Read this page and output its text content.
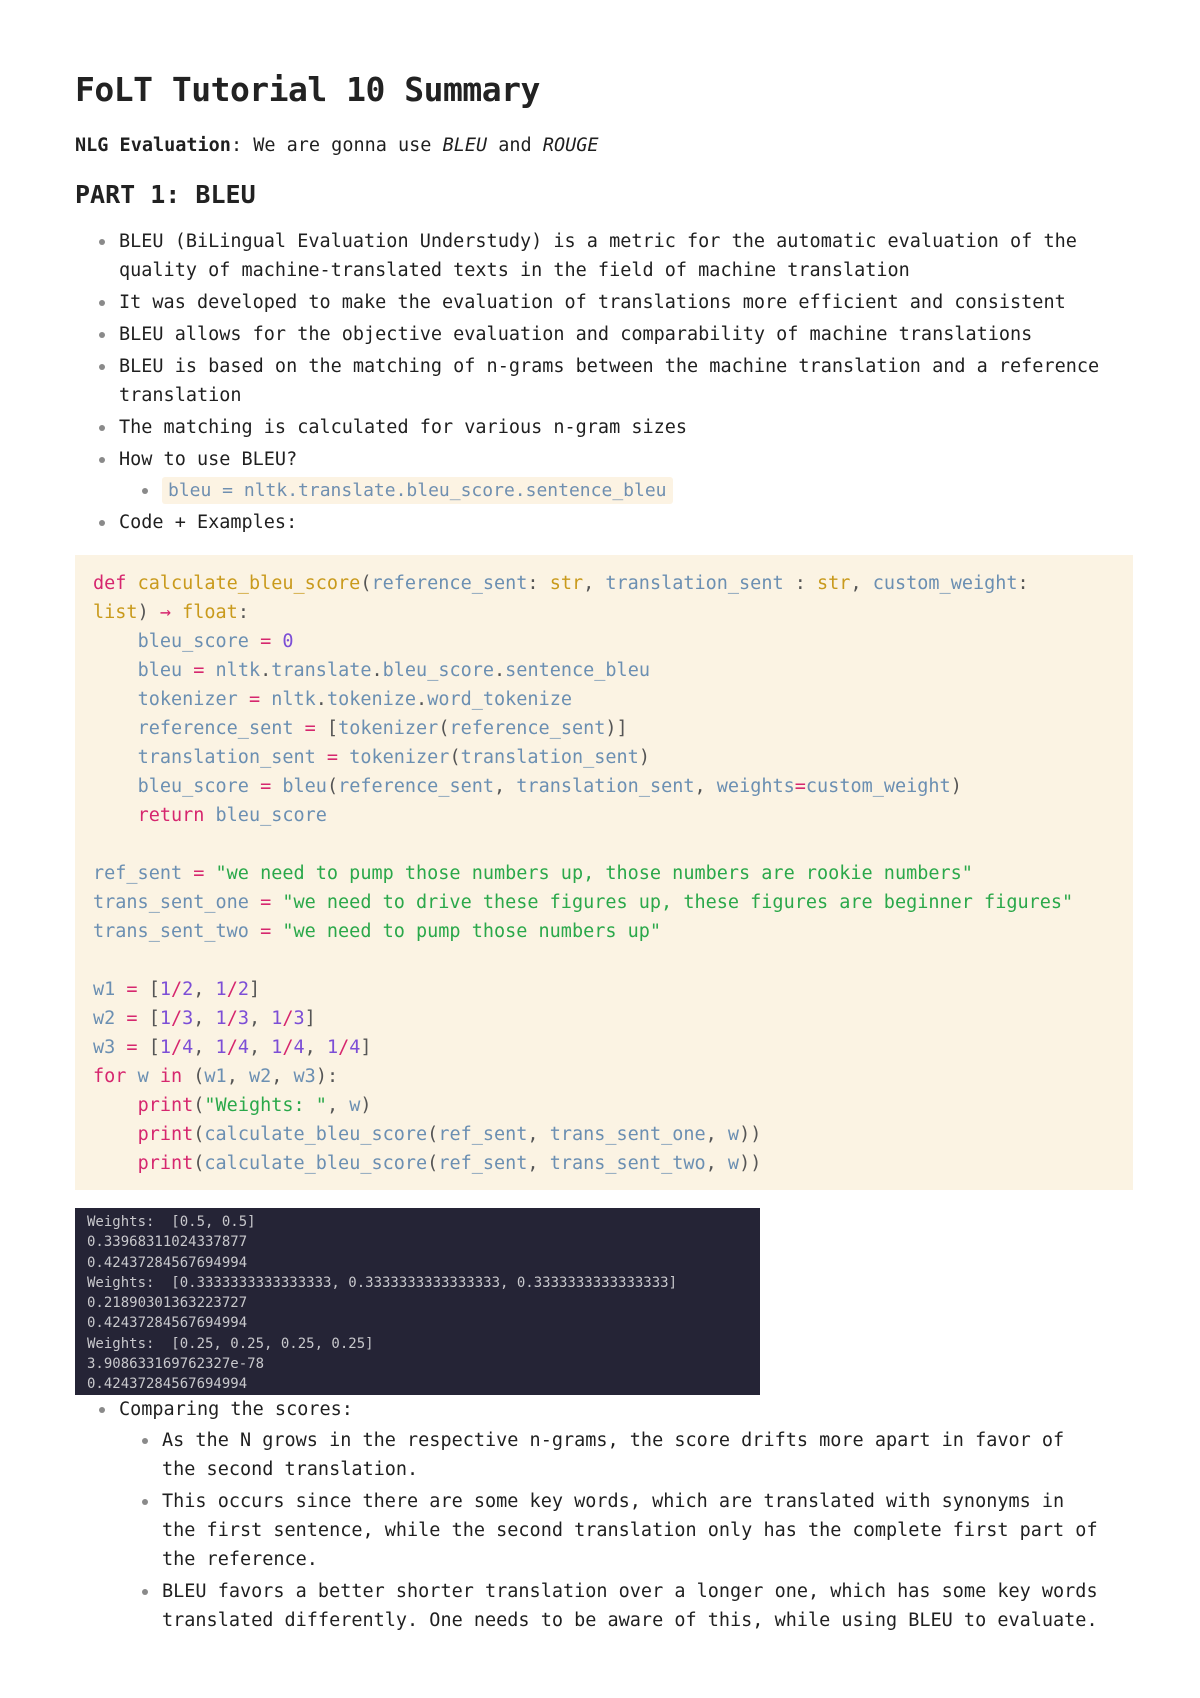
FoLT Tutorial 10 Summary

NLG Evaluation: We are gonna use BLEU and ROUGE

PART 1: BLEU
BLEU (BiLingual Evaluation Understudy) is a metric for the automatic evaluation of the quality of machine-translated texts in the field of machine translation
It was developed to make the evaluation of translations more efficient and consistent
BLEU allows for the objective evaluation and comparability of machine translations
BLEU is based on the matching of n-grams between the machine translation and a reference translation
The matching is calculated for various n-gram sizes
How to use BLEU?
bleu = nltk.translate.bleu_score.sentence_bleu
Code + Examples:
def calculate_bleu_score(reference_sent: str, translation_sent : str, custom_weight:
list) → float:
bleu_score = 0
bleu = nltk.translate.bleu_score.sentence_bleu
tokenizer = nltk.tokenize.word_tokenize
reference_sent = [tokenizer(reference_sent)]
translation_sent = tokenizer(translation_sent)
bleu_score = bleu(reference_sent, translation_sent, weights=custom_weight)
return bleu_score
ref_sent = "we need to pump those numbers up, those numbers are rookie numbers"
trans_sent_one = "we need to drive these figures up, these figures are beginner figures"
trans_sent_two = "we need to pump those numbers up"
w1 = [1/2, 1/2]
w2 = [1/3, 1/3, 1/3]
w3 = [1/4, 1/4, 1/4, 1/4]
for w in (w1, w2, w3):
print("Weights: ", w)
print(calculate_bleu_score(ref_sent, trans_sent_one, w))
print(calculate_bleu_score(ref_sent, trans_sent_two, w))
Weights:  [0.5, 0.5]
0.33968311024337877
0.42437284567694994
Weights:  [0.3333333333333333, 0.3333333333333333, 0.3333333333333333]
0.21890301363223727
0.42437284567694994
Weights:  [0.25, 0.25, 0.25, 0.25]
3.908633169762327e-78
0.42437284567694994
Comparing the scores:
As the N grows in the respective n-grams, the score drifts more apart in favor of the second translation.
This occurs since there are some key words, which are translated with synonyms in the first sentence, while the second translation only has the complete first part of the reference.
BLEU favors a better shorter translation over a longer one, which has some key words translated differently. One needs to be aware of this, while using BLEU to evaluate.
